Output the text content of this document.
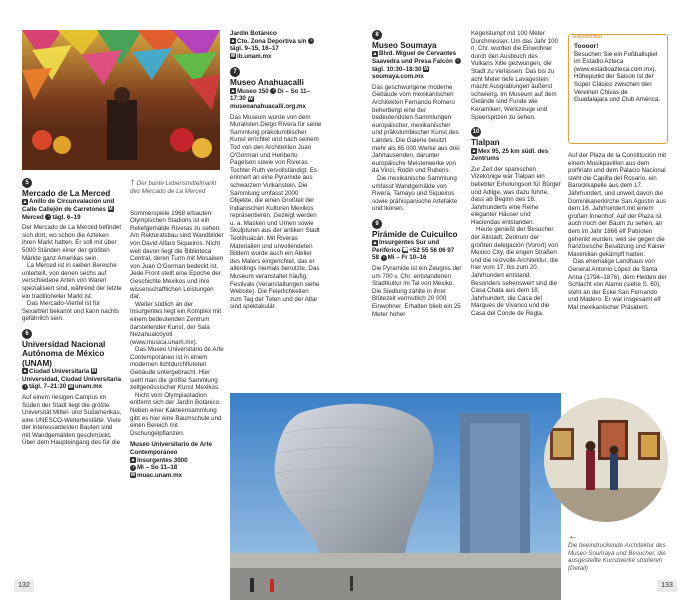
5
Mercado de La Merced
▲ Anillo de Circunvalación und Calle Callejón de Carretones MMerced ◔ tägl. 6–19

Der Mercado de La Merced befindet sich dort, wo schon die Azteken ihren Markt hatten. Er soll mit über 5000 Ständen einer der größten Märkte ganz Amerikas sein.

La Merced ist in sieben Bereiche unterteilt, von denen sechs auf verschiedene Arten von Waren spezialisiert sind, während der letzte ein traditioneller Markt ist.

Das Mercado-Viertel ist für Sexarbeit bekannt und kann nachts gefährlich sein.

6
Universidad Nacional Autónoma de México (UNAM)
▲ Ciudad Universitaria MUniversidad, Ciudad Universitaria ◔ tägl. 7–21:30 W unam.mx

Auf einem riesigen Campus im Süden der Stadt liegt die größte Universität Mittel- und Südamerikas, eine UNESCO-Welterbestätte. Viele der interessantesten Bauten sind mit Wandgemälden geschmückt. Über dem Haupteingang des für die

↑ Der bunte Lebensmittelmarkt des Mercado de La Merced

Sommerspiele 1968 erbauten Olympischen Stadions ist ein Reliefgemälde Riveras zu sehen. Am Rektoratsbau sind Wandbilder von David Alfaro Siqueiros. Nicht weit davon liegt die Biblioteca Central, deren Turm mit Mosaiken von Juan O'Gorman bedeckt ist. Jede Front stellt eine Epoche der Geschichte Mexikos und ihre wissenschaftlichen Leistungen dar.

Weiter südlich an der Insurgentes liegt ein Komplex mit einem bedeutenden Zentrum darstellender Kunst, der Sala Nezahualcóyotl (www.musica.unam.mx).

Das Museo Universitario de Arte Contemporáneo ist in einem modernen lichtdurchfluteten Gebäude untergebracht. Hier sieht man die größte Sammlung zeitgenössischer Kunst Mexikos.

Nicht vom Olympiastadion entfernt sich der Jardín Botánico. Neben einer Kakteensammlung gibt es hier eine Baumschule und einen Bereich mit Dschungelpflanzen.

Museo Universitario de Arte Contemporáneo
▲ Insurgentes 3000
◔ Mi – So 11–18
W muac.unam.mx
Jardín Botánico
▲ Cto. Zona Deportiva s/n ◔tägl. 9–15, 16–17
W ib.unam.mx
7
Museo Anahuacalli
▲ Museo 150 ◔ Di – So 11–17:30 Wmuseoanahuacalli.org.mx

Das Museum wurde von dem Muralisten Diego Rivera für seine Sammlung präkolumbischer Kunst errichtet und nach seinem Tod von den Architekten Juan O'Gorman und Heriberto Pagelson sowie von Riveras Tochter Ruth vervollständigt. Es erinnert an eine Pyramide aus schwarzem Vulkanstein. Die Sammlung umfasst 2000 Objekte, die einen Großteil der indianischen Kulturen Mexikos repräsentieren. Gezeigt werden u. a. Masken und Urnen sowie Skulpturen aus der antiken Stadt Teotihuacán. Mit Riveras Materialien und unvollendeten Bildern wurde auch ein Atelier des Malers eingerichtet, das er allerdings niemals benutzte. Das Museum veranstaltet häufig Festivals (Veranstaltungen siehe Website). Die Feierlichkeiten zum Tag der Toten und der Altar sind spektakulär.

8
Museo Soumaya
▲ Blvd. Miguel de Cervantes Saavedra und Presa Falcón ◔tägl. 10:30–18:30 Wsoumaya.com.mx

Das geschwungene moderne Gebäude vom mexikanischen Architekten Fernando Romero beherbergt eine der bedeutendsten Sammlungen europäischer, mexikanischer und präkolumbischer Kunst des Landes. Die Galerie besitzt mehr als 65 000 Werke aus drei Jahrtausenden, darunter europäische Meisterwerke von da Vinci, Rodin und Rubens.

Die mexikanische Sammlung umfasst Wandgemälde von Rivera, Tamayo und Siqueiros sowie prähispanische Artefakte und Ikonen.

9
Pirámide de Cuicuilco
▲ Insurgentes Sur und Periférico ☎+52 55 56 06 97 58 ◔ Mi – Fr 10–16

Die Pyramide ist ein Zeugnis der um 700 v. Chr. entstandenen Stadtkultur im Tal von Mexiko. Die Siedlung zählte in ihrer Blütezeit vermutlich 20 000 Einwohner. Erhalten blieb ein 25 Meter hoher

Kegelstumpf mit 100 Meter Durchmesser. Um das Jahr 100 n. Chr. wurden die Einwohner durch den Ausbruch des Vulkans Xitle gezwungen, die Stadt zu verlassen. Das bis zu acht Meter tiefe Lavagestein macht Ausgrabungen äußerst schwierig. Im Museum auf dem Gelände sind Funde wie Keramiken, Werkzeuge und Speerspitzen zu sehen.

10
Tlalpan
▲ Mex 95, 25 km südl. des Zentrums

Zur Zeit der spanischen Vizekönige war Tlalpan ein beliebter Erholungsort für Bürger und Adlige, was dazu führte, dass ab Beginn des 18. Jahrhunderts eine Reihe eleganter Häuser und Haciendas entstanden.

Heute genießt der Besucher der Altstadt, Zentrum der größten delegación (Vorort) von Mexico City, die engen Straßen und die reizvolle Architektur, die hier vom 17. bis zum 20. Jahrhundert entstand. Besonders sehenswert sind die Casa Chata aus dem 18. Jahrhundert, die Casa del Marqués de Vivanco und die Casa del Conde de Regla.

Expertentipp
Toooor!
Besuchen Sie ein Fußballspiel im Estadio Azteca (www.estadioazteca.com.mx). Höhepunkt der Saison ist der Súper Clásico zwischen den Vereinen Chivas de Guadalajara und Club América.

Auf der Plaza de la Constitución mit einem Musikpavillon aus dem porfiriato und dem Palacio Nacional steht die Capilla del Rosario, ein Barockkapelle aus dem 17. Jahrhundert, und unweit davon die Dominikanerkirche San Agustín aus dem 16. Jahrhundert mit einem großen Innenhof. Auf der Plaza ist auch noch der Baum zu sehen, an dem im Jahr 1866 elf Patrioten gehenkt wurden, weil sie gegen die französische Besatzung und Kaiser Maximilian gekämpft hatten.

Das ehemalige Landhaus von General Antonio López de Santa Anna (1794–1876), dem Helden der Schlacht von Alamo (siehe S. 60), steht an der Ecke San Fernando und Madero. Er war insgesamt elf Mal mexikanischer Präsident.

←
Die beeindruckende Architektur des Museo Soumaya und Besucher, die ausgestellte Kunstwerke studieren (Detail)
132	133
